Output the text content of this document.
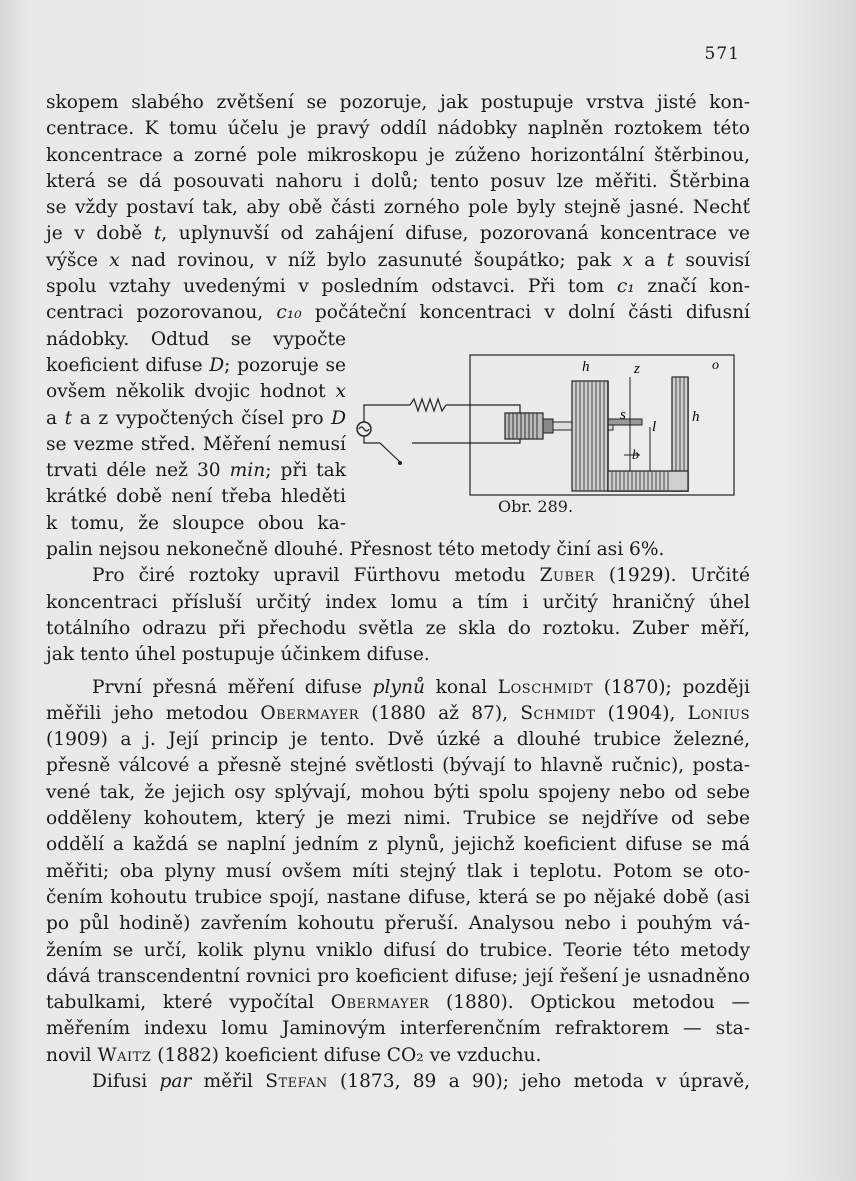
571

skopem slabého zvětšení se pozoruje, jak postupuje vrstva jisté kon-
centrace. K tomu účelu je pravý oddíl nádobky naplněn roztokem této
koncentrace a zorné pole mikroskopu je zúženo horizontální štěrbinou,
která se dá posouvati nahoru i dolů; tento posuv lze měřiti. Štěrbina
se vždy postaví tak, aby obě části zorného pole byly stejně jasné. Nechť
je v době t, uplynuvší od zahájení difuse, pozorovaná koncentrace ve
výšce x nad rovinou, v níž bylo zasunuté šoupátko; pak x a t souvisí
spolu vztahy uvedenými v posledním odstavci. Při tom c₁ značí kon-
centraci pozorovanou, c₁₀ počáteční koncentraci v dolní části difusní
nádobky. Odtud se vypočte
koeficient difuse D; pozoruje se
ovšem několik dvojic hodnot x
a t a z vypočtených čísel pro D
se vezme střed. Měření nemusí
trvati déle než 30 min; při tak
krátké době není třeba hleděti
k tomu, že sloupce obou ka-
palin nejsou nekonečně dlouhé. Přesnost této metody činí asi 6%.

Pro čiré roztoky upravil Fürthovu metodu Zuber (1929). Určité
koncentraci přísluší určitý index lomu a tím i určitý hraničný úhel
totálního odrazu při přechodu světla ze skla do roztoku. Zuber měří,
jak tento úhel postupuje účinkem difuse.

První přesná měření difuse plynů konal Loschmidt (1870); později
měřili jeho metodou Obermayer (1880 až 87), Schmidt (1904), Lonius
(1909) a j. Její princip je tento. Dvě úzké a dlouhé trubice železné,
přesně válcové a přesně stejné světlosti (bývají to hlavně ručnic), posta-
vené tak, že jejich osy splývají, mohou býti spolu spojeny nebo od sebe
odděleny kohoutem, který je mezi nimi. Trubice se nejdříve od sebe
oddělí a každá se naplní jedním z plynů, jejichž koeficient difuse se má
měřiti; oba plyny musí ovšem míti stejný tlak i teplotu. Potom se oto-
čením kohoutu trubice spojí, nastane difuse, která se po nějaké době (asi
po půl hodině) zavřením kohoutu přeruší. Analysou nebo i pouhým vá-
žením se určí, kolik plynu vniklo difusí do trubice. Teorie této metody
dává transcendentní rovnici pro koeficient difuse; její řešení je usnadněno
tabulkami, které vypočítal Obermayer (1880). Optickou metodou —
měřením indexu lomu Jaminovým interferenčním refraktorem — sta-
novil Waitz (1882) koeficient difuse CO₂ ve vzduchu.

Difusi par měřil Stefan (1873, 89 a 90); jeho metoda v úpravě,

h	z	o
s
l
h
b
Obr. 289.
